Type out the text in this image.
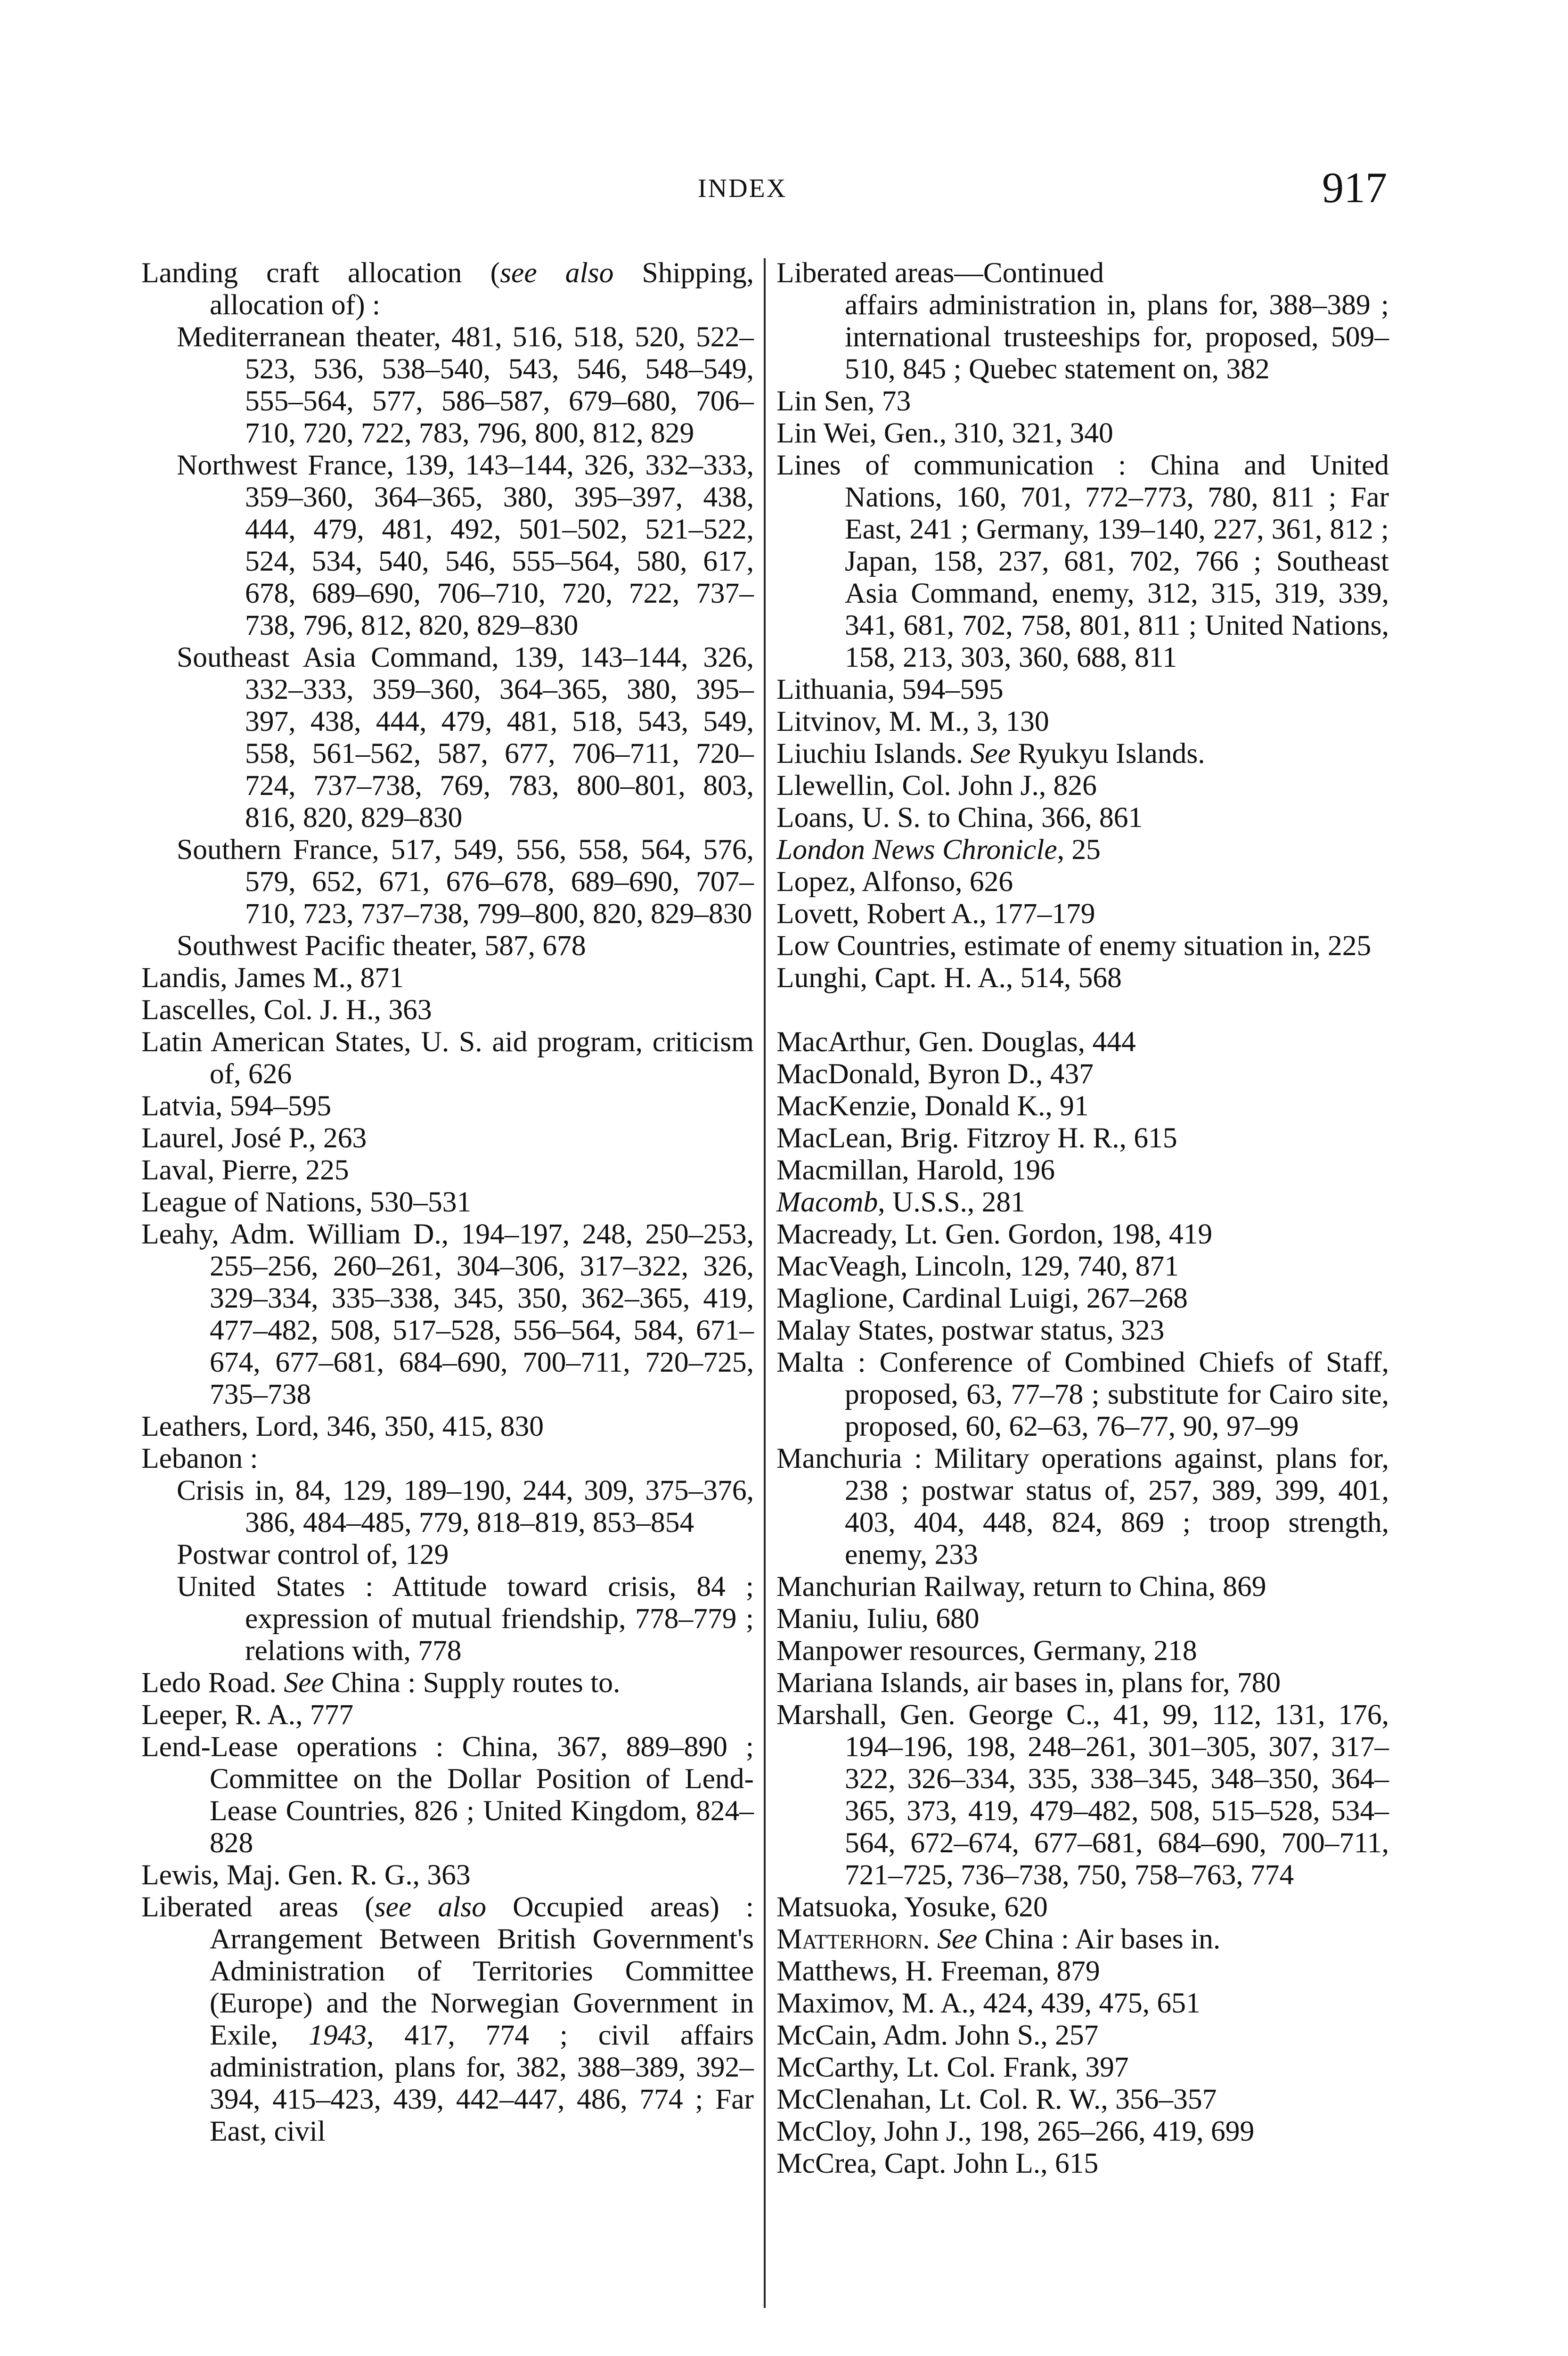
INDEX	917
Landing craft allocation (see also Shipping, allocation of) :
Mediterranean theater, 481, 516, 518, 520, 522–523, 536, 538–540, 543, 546, 548–549, 555–564, 577, 586–587, 679–680, 706–710, 720, 722, 783, 796, 800, 812, 829
Northwest France, 139, 143–144, 326, 332–333, 359–360, 364–365, 380, 395–397, 438, 444, 479, 481, 492, 501–502, 521–522, 524, 534, 540, 546, 555–564, 580, 617, 678, 689–690, 706–710, 720, 722, 737–738, 796, 812, 820, 829–830
Southeast Asia Command, 139, 143–144, 326, 332–333, 359–360, 364–365, 380, 395–397, 438, 444, 479, 481, 518, 543, 549, 558, 561–562, 587, 677, 706–711, 720–724, 737–738, 769, 783, 800–801, 803, 816, 820, 829–830
Southern France, 517, 549, 556, 558, 564, 576, 579, 652, 671, 676–678, 689–690, 707–710, 723, 737–738, 799–800, 820, 829–830
Southwest Pacific theater, 587, 678
Landis, James M., 871
Lascelles, Col. J. H., 363
Latin American States, U. S. aid program, criticism of, 626
Latvia, 594–595
Laurel, José P., 263
Laval, Pierre, 225
League of Nations, 530–531
Leahy, Adm. William D., 194–197, 248, 250–253, 255–256, 260–261, 304–306, 317–322, 326, 329–334, 335–338, 345, 350, 362–365, 419, 477–482, 508, 517–528, 556–564, 584, 671–674, 677–681, 684–690, 700–711, 720–725, 735–738
Leathers, Lord, 346, 350, 415, 830
Lebanon :
Crisis in, 84, 129, 189–190, 244, 309, 375–376, 386, 484–485, 779, 818–819, 853–854
Postwar control of, 129
United States : Attitude toward crisis, 84 ; expression of mutual friendship, 778–779 ; relations with, 778
Ledo Road. See China : Supply routes to.
Leeper, R. A., 777
Lend-Lease operations : China, 367, 889–890 ; Committee on the Dollar Position of Lend-Lease Countries, 826 ; United Kingdom, 824–828
Lewis, Maj. Gen. R. G., 363
Liberated areas (see also Occupied areas) : Arrangement Between British Government's Administration of Territories Committee (Europe) and the Norwegian Government in Exile, 1943, 417, 774 ; civil affairs administration, plans for, 382, 388–389, 392–394, 415–423, 439, 442–447, 486, 774 ; Far East, civil
Liberated areas—Continued
affairs administration in, plans for, 388–389 ; international trusteeships for, proposed, 509–510, 845 ; Quebec statement on, 382
Lin Sen, 73
Lin Wei, Gen., 310, 321, 340
Lines of communication : China and United Nations, 160, 701, 772–773, 780, 811 ; Far East, 241 ; Germany, 139–140, 227, 361, 812 ; Japan, 158, 237, 681, 702, 766 ; Southeast Asia Command, enemy, 312, 315, 319, 339, 341, 681, 702, 758, 801, 811 ; United Nations, 158, 213, 303, 360, 688, 811
Lithuania, 594–595
Litvinov, M. M., 3, 130
Liuchiu Islands. See Ryukyu Islands.
Llewellin, Col. John J., 826
Loans, U. S. to China, 366, 861
London News Chronicle, 25
Lopez, Alfonso, 626
Lovett, Robert A., 177–179
Low Countries, estimate of enemy situation in, 225
Lunghi, Capt. H. A., 514, 568
MacArthur, Gen. Douglas, 444
MacDonald, Byron D., 437
MacKenzie, Donald K., 91
MacLean, Brig. Fitzroy H. R., 615
Macmillan, Harold, 196
Macomb, U.S.S., 281
Macready, Lt. Gen. Gordon, 198, 419
MacVeagh, Lincoln, 129, 740, 871
Maglione, Cardinal Luigi, 267–268
Malay States, postwar status, 323
Malta : Conference of Combined Chiefs of Staff, proposed, 63, 77–78 ; substitute for Cairo site, proposed, 60, 62–63, 76–77, 90, 97–99
Manchuria : Military operations against, plans for, 238 ; postwar status of, 257, 389, 399, 401, 403, 404, 448, 824, 869 ; troop strength, enemy, 233
Manchurian Railway, return to China, 869
Maniu, Iuliu, 680
Manpower resources, Germany, 218
Mariana Islands, air bases in, plans for, 780
Marshall, Gen. George C., 41, 99, 112, 131, 176, 194–196, 198, 248–261, 301–305, 307, 317–322, 326–334, 335, 338–345, 348–350, 364–365, 373, 419, 479–482, 508, 515–528, 534–564, 672–674, 677–681, 684–690, 700–711, 721–725, 736–738, 750, 758–763, 774
Matsuoka, Yosuke, 620
Matterhorn. See China : Air bases in.
Matthews, H. Freeman, 879
Maximov, M. A., 424, 439, 475, 651
McCain, Adm. John S., 257
McCarthy, Lt. Col. Frank, 397
McClenahan, Lt. Col. R. W., 356–357
McCloy, John J., 198, 265–266, 419, 699
McCrea, Capt. John L., 615
